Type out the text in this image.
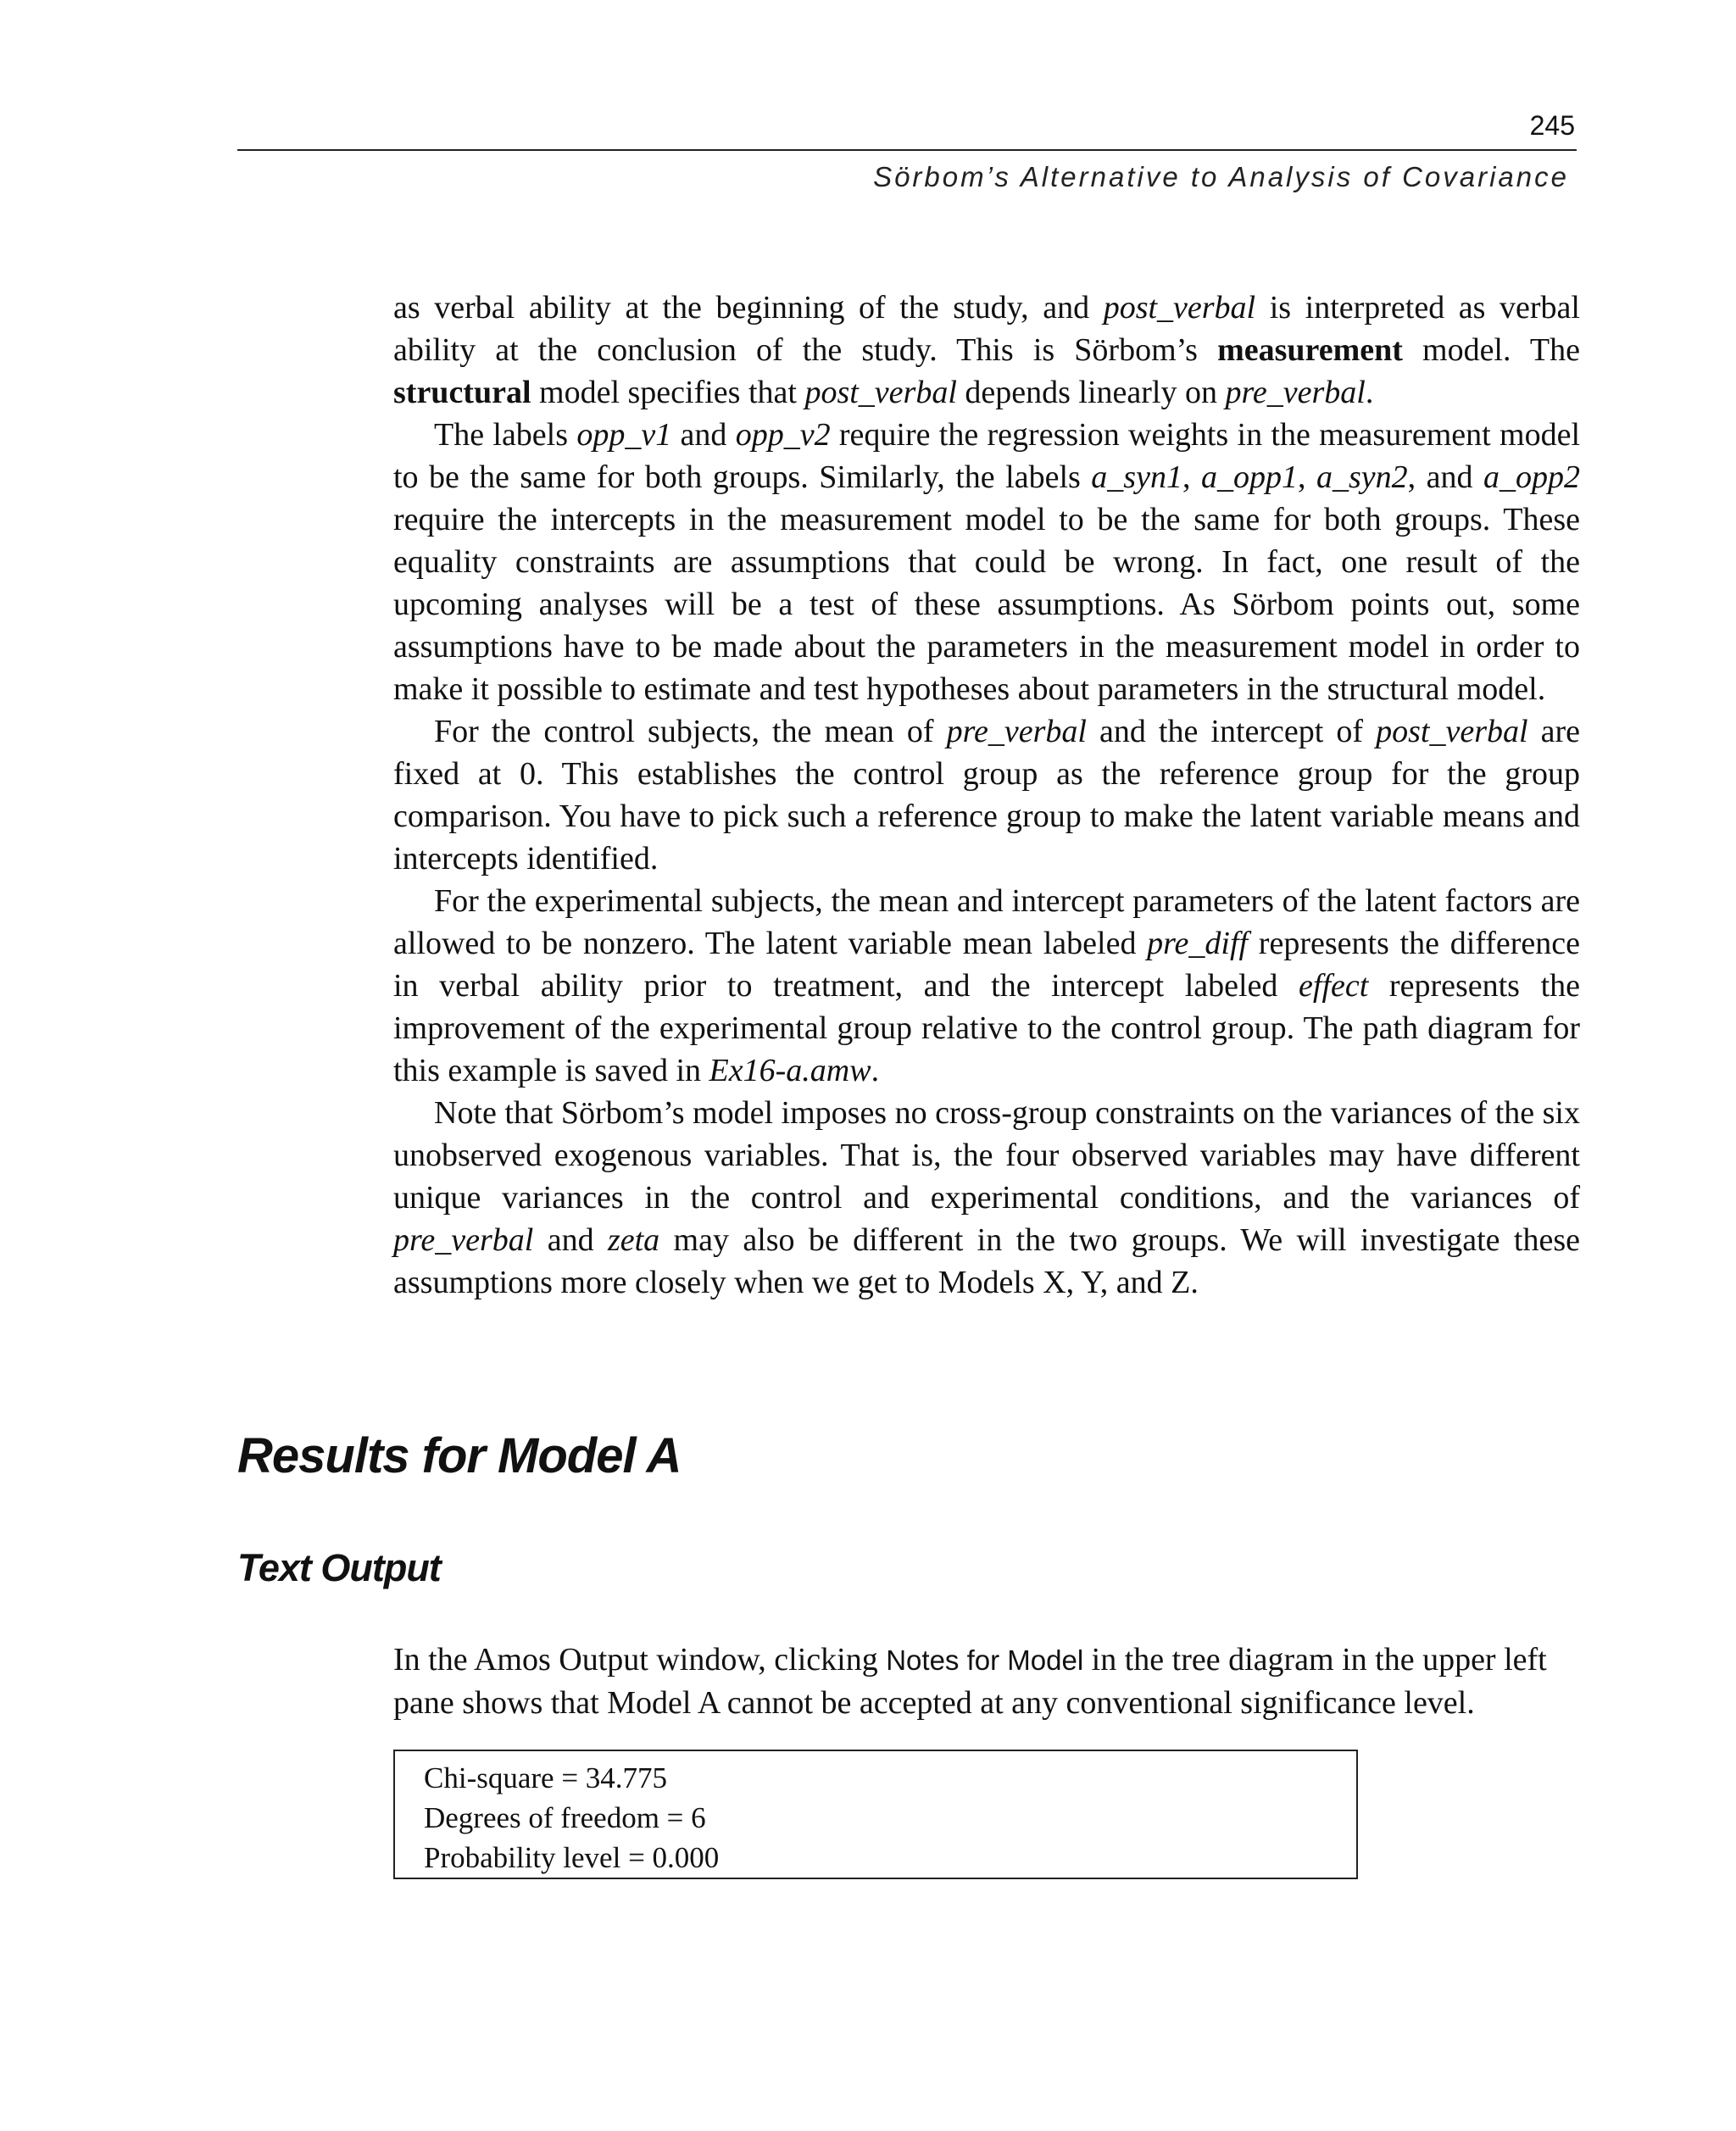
245
Sörbom’s Alternative to Analysis of Covariance

as verbal ability at the beginning of the study, and post_verbal is interpreted as verbal ability at the conclusion of the study. This is Sörbom’s measurement model. The structural model specifies that post_verbal depends linearly on pre_verbal.

The labels opp_v1 and opp_v2 require the regression weights in the measurement model to be the same for both groups. Similarly, the labels a_syn1, a_opp1, a_syn2, and a_opp2 require the intercepts in the measurement model to be the same for both groups. These equality constraints are assumptions that could be wrong. In fact, one result of the upcoming analyses will be a test of these assumptions. As Sörbom points out, some assumptions have to be made about the parameters in the measurement model in order to make it possible to estimate and test hypotheses about parameters in the structural model.

For the control subjects, the mean of pre_verbal and the intercept of post_verbal are fixed at 0. This establishes the control group as the reference group for the group comparison. You have to pick such a reference group to make the latent variable means and intercepts identified.

For the experimental subjects, the mean and intercept parameters of the latent factors are allowed to be nonzero. The latent variable mean labeled pre_diff represents the difference in verbal ability prior to treatment, and the intercept labeled effect represents the improvement of the experimental group relative to the control group. The path diagram for this example is saved in Ex16-a.amw.

Note that Sörbom’s model imposes no cross-group constraints on the variances of the six unobserved exogenous variables. That is, the four observed variables may have different unique variances in the control and experimental conditions, and the variances of pre_verbal and zeta may also be different in the two groups. We will investigate these assumptions more closely when we get to Models X, Y, and Z.

Results for Model A
Text Output

In the Amos Output window, clicking Notes for Model in the tree diagram in the upper left pane shows that Model A cannot be accepted at any conventional significance level.

Chi-square = 34.775
Degrees of freedom = 6
Probability level = 0.000
